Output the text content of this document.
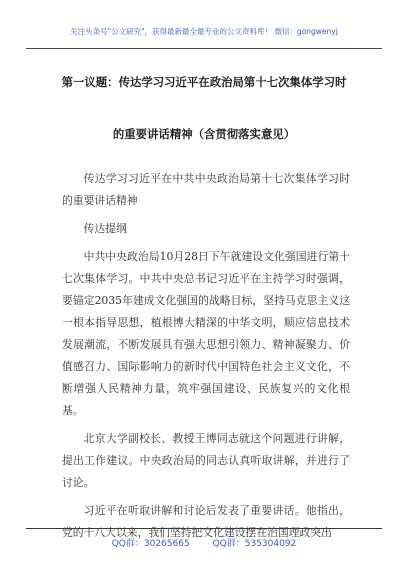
关注头条号"公文研究"，获得最新最全最专业的公文资料库！ 微信：gongwenyj
第一议题：传达学习习近平在政治局第十七次集体学习时
的重要讲话精神（含贯彻落实意见）

传达学习习近平在中共中央政治局第十七次集体学习时的重要讲话精神

传达提纲

中共中央政治局10月28日下午就建设文化强国进行第十七次集体学习。中共中央总书记习近平在主持学习时强调，要锚定2035年建成文化强国的战略目标，坚持马克思主义这一根本指导思想，植根博大精深的中华文明，顺应信息技术发展潮流，不断发展具有强大思想引领力、精神凝聚力、价值感召力、国际影响力的新时代中国特色社会主义文化，不断增强人民精神力量，筑牢强国建设、民族复兴的文化根基。

北京大学副校长、教授王博同志就这个问题进行讲解，提出工作建议。中央政治局的同志认真听取讲解，并进行了讨论。

习近平在听取讲解和讨论后发表了重要讲话。他指出，党的十八大以来，我们坚持把文化建设摆在治国理政突出

QQ群：30265665	QQ群：535304092
